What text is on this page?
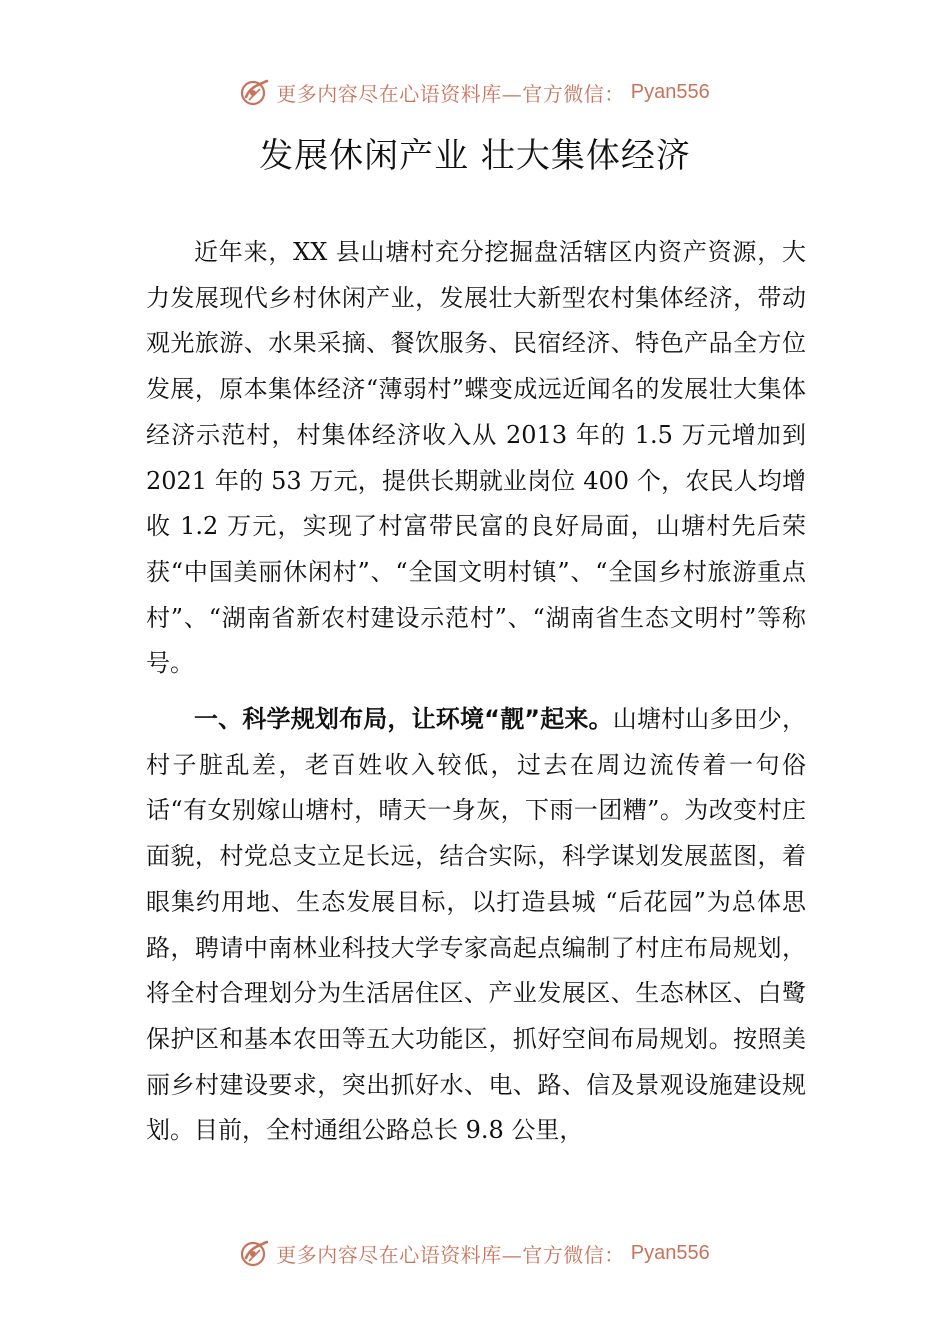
更多内容尽在心语资料库—官方微信： Pyan556
发展休闲产业 壮大集体经济

近年来，XX 县山塘村充分挖掘盘活辖区内资产资源，大力发展现代乡村休闲产业，发展壮大新型农村集体经济，带动观光旅游、水果采摘、餐饮服务、民宿经济、特色产品全方位发展，原本集体经济“薄弱村”蝶变成远近闻名的发展壮大集体经济示范村，村集体经济收入从 2013 年的 1.5 万元增加到 2021 年的 53 万元，提供长期就业岗位 400 个，农民人均增收 1.2 万元，实现了村富带民富的良好局面，山塘村先后荣获“中国美丽休闲村”、“全国文明村镇”、“全国乡村旅游重点村”、“湖南省新农村建设示范村”、“湖南省生态文明村”等称号。

一、科学规划布局，让环境“靓”起来。山塘村山多田少，村子脏乱差，老百姓收入较低，过去在周边流传着一句俗话“有女别嫁山塘村，晴天一身灰，下雨一团糟”。为改变村庄面貌，村党总支立足长远，结合实际，科学谋划发展蓝图，着眼集约用地、生态发展目标，以打造县城 “后花园”为总体思路，聘请中南林业科技大学专家高起点编制了村庄布局规划，将全村合理划分为生活居住区、产业发展区、生态林区、白鹭保护区和基本农田等五大功能区，抓好空间布局规划。按照美丽乡村建设要求，突出抓好水、电、路、信及景观设施建设规划。目前，全村通组公路总长 9.8 公里，

更多内容尽在心语资料库—官方微信： Pyan556
